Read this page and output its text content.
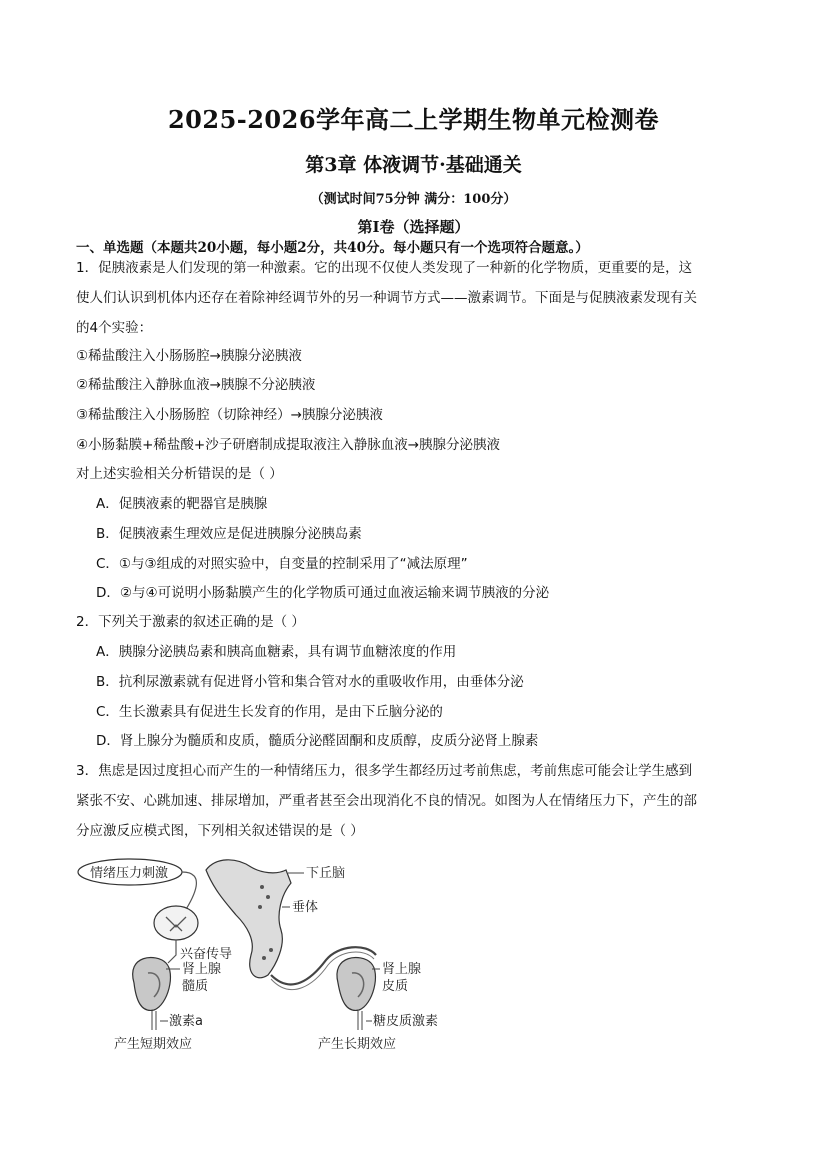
2025-2026学年高二上学期生物单元检测卷
第3章 体液调节·基础通关
（测试时间75分钟 满分：100分）
第I卷（选择题）
一、单选题（本题共20小题，每小题2分，共40分。每小题只有一个选项符合题意。）
1．促胰液素是人们发现的第一种激素。它的出现不仅使人类发现了一种新的化学物质，更重要的是，这
使人们认识到机体内还存在着除神经调节外的另一种调节方式——激素调节。下面是与促胰液素发现有关
的4个实验：
①稀盐酸注入小肠肠腔→胰腺分泌胰液
②稀盐酸注入静脉血液→胰腺不分泌胰液
③稀盐酸注入小肠肠腔（切除神经）→胰腺分泌胰液
④小肠黏膜+稀盐酸+沙子研磨制成提取液注入静脉血液→胰腺分泌胰液
对上述实验相关分析错误的是（ ）
A．促胰液素的靶器官是胰腺
B．促胰液素生理效应是促进胰腺分泌胰岛素
C．①与③组成的对照实验中，自变量的控制采用了“减法原理”
D．②与④可说明小肠黏膜产生的化学物质可通过血液运输来调节胰液的分泌
2．下列关于激素的叙述正确的是（ ）
A．胰腺分泌胰岛素和胰高血糖素，具有调节血糖浓度的作用
B．抗利尿激素就有促进肾小管和集合管对水的重吸收作用，由垂体分泌
C．生长激素具有促进生长发育的作用，是由下丘脑分泌的
D．肾上腺分为髓质和皮质，髓质分泌醛固酮和皮质醇，皮质分泌肾上腺素
3．焦虑是因过度担心而产生的一种情绪压力，很多学生都经历过考前焦虑，考前焦虑可能会让学生感到
紧张不安、心跳加速、排尿增加，严重者甚至会出现消化不良的情况。如图为人在情绪压力下，产生的部
分应激反应模式图，下列相关叙述错误的是（ ）
情绪压力刺激
兴奋传导
肾上腺
髓质
激素a
产生短期效应
下丘脑
垂体
肾上腺
皮质
糖皮质激素
产生长期效应
